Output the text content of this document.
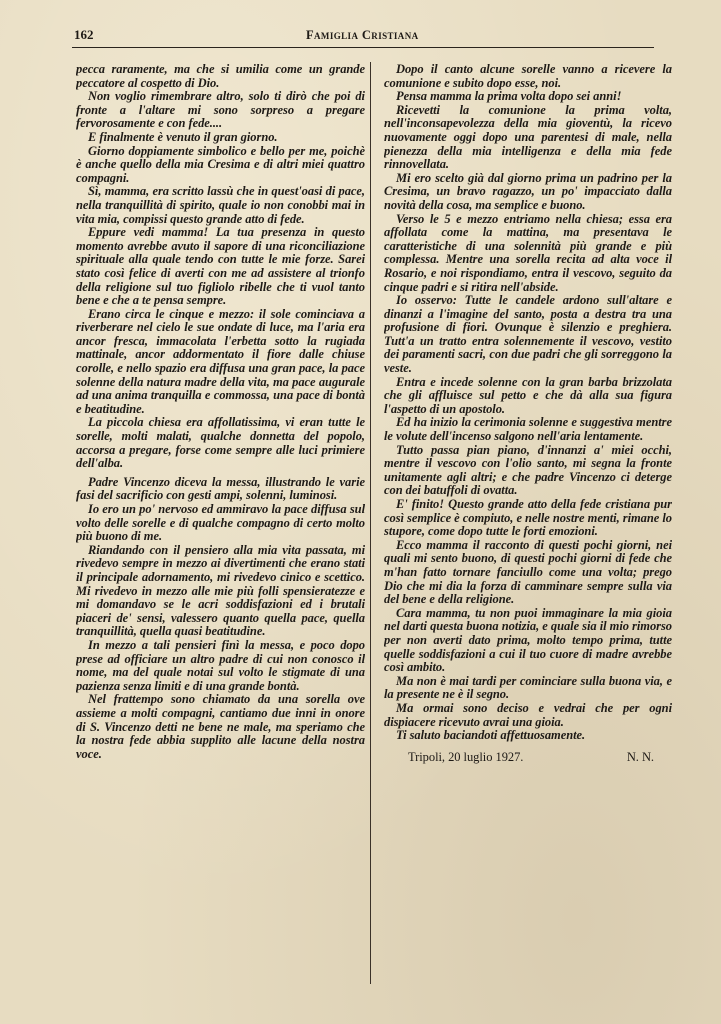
162	Famiglia Cristiana

pecca raramente, ma che si umilia come un grande peccatore al cospetto di Dio.

Non voglio rimembrare altro, solo ti dirò che poi di fronte a l'altare mi sono sorpreso a pregare fervorosamente e con fede....

E finalmente è venuto il gran giorno.

Giorno doppiamente simbolico e bello per me, poichè è anche quello della mia Cresima e di altri miei quattro compagni.

Sì, mamma, era scritto lassù che in quest'oasi di pace, nella tranquillità di spirito, quale io non conobbi mai in vita mia, compissi questo grande atto di fede.

Eppure vedi mamma! La tua presenza in questo momento avrebbe avuto il sapore di una riconciliazione spirituale alla quale tendo con tutte le mie forze. Sarei stato così felice di averti con me ad assistere al trionfo della religione sul tuo figliolo ribelle che ti vuol tanto bene e che a te pensa sempre.

Erano circa le cinque e mezzo: il sole cominciava a riverberare nel cielo le sue ondate di luce, ma l'aria era ancor fresca, immacolata l'erbetta sotto la rugiada mattinale, ancor addormentato il fiore dalle chiuse corolle, e nello spazio era diffusa una gran pace, la pace solenne della natura madre della vita, ma pace augurale ad una anima tranquilla e commossa, una pace di bontà e beatitudine.

La piccola chiesa era affollatissima, vi eran tutte le sorelle, molti malati, qualche donnetta del popolo, accorsa a pregare, forse come sempre alle luci primiere dell'alba.

Padre Vincenzo diceva la messa, illustrando le varie fasi del sacrificio con gesti ampi, solenni, luminosi.

Io ero un po' nervoso ed ammiravo la pace diffusa sul volto delle sorelle e di qualche compagno di certo molto più buono di me.

Riandando con il pensiero alla mia vita passata, mi rivedevo sempre in mezzo ai divertimenti che erano stati il principale adornamento, mi rivedevo cinico e scettico. Mi rivedevo in mezzo alle mie più folli spensieratezze e mi domandavo se le acri soddisfazioni ed i brutali piaceri de' sensi, valessero quanto quella pace, quella tranquillità, quella quasi beatitudine.

In mezzo a tali pensieri finì la messa, e poco dopo prese ad officiare un altro padre di cui non conosco il nome, ma del quale notai sul volto le stigmate di una pazienza senza limiti e di una grande bontà.

Nel frattempo sono chiamato da una sorella ove assieme a molti compagni, cantiamo due inni in onore di S. Vincenzo detti ne bene ne male, ma speriamo che la nostra fede abbia supplito alle lacune della nostra voce.

Dopo il canto alcune sorelle vanno a ricevere la comunione e subito dopo esse, noi.

Pensa mamma la prima volta dopo sei anni!

Ricevetti la comunione la prima volta, nell'inconsapevolezza della mia gioventù, la ricevo nuovamente oggi dopo una parentesi di male, nella pienezza della mia intelligenza e della mia fede rinnovellata.

Mi ero scelto già dal giorno prima un padrino per la Cresima, un bravo ragazzo, un po' impacciato dalla novità della cosa, ma semplice e buono.

Verso le 5 e mezzo entriamo nella chiesa; essa era affollata come la mattina, ma presentava le caratteristiche di una solennità più grande e più complessa. Mentre una sorella recita ad alta voce il Rosario, e noi rispondiamo, entra il vescovo, seguito da cinque padri e si ritira nell'abside.

Io osservo: Tutte le candele ardono sull'altare e dinanzi a l'imagine del santo, posta a destra tra una profusione di fiori. Ovunque è silenzio e preghiera. Tutt'a un tratto entra solennemente il vescovo, vestito dei paramenti sacri, con due padri che gli sorreggono la veste.

Entra e incede solenne con la gran barba brizzolata che gli affluisce sul petto e che dà alla sua figura l'aspetto di un apostolo.

Ed ha inizio la cerimonia solenne e suggestiva mentre le volute dell'incenso salgono nell'aria lentamente.

Tutto passa pian piano, d'innanzi a' miei occhi, mentre il vescovo con l'olio santo, mi segna la fronte unitamente agli altri; e che padre Vincenzo ci deterge con dei batuffoli di ovatta.

E' finito! Questo grande atto della fede cristiana pur così semplice è compiuto, e nelle nostre menti, rimane lo stupore, come dopo tutte le forti emozioni.

Ecco mamma il racconto di questi pochi giorni, nei quali mi sento buono, di questi pochi giorni di fede che m'han fatto tornare fanciullo come una volta; prego Dio che mi dia la forza di camminare sempre sulla via del bene e della religione.

Cara mamma, tu non puoi immaginare la mia gioia nel darti questa buona notizia, e quale sia il mio rimorso per non averti dato prima, molto tempo prima, tutte quelle soddisfazioni a cui il tuo cuore di madre avrebbe così ambito.

Ma non è mai tardi per cominciare sulla buona via, e la presente ne è il segno.

Ma ormai sono deciso e vedrai che per ogni dispiacere ricevuto avrai una gioia.

Ti saluto baciandoti affettuosamente.

Tripoli, 20 luglio 1927.	N. N.
